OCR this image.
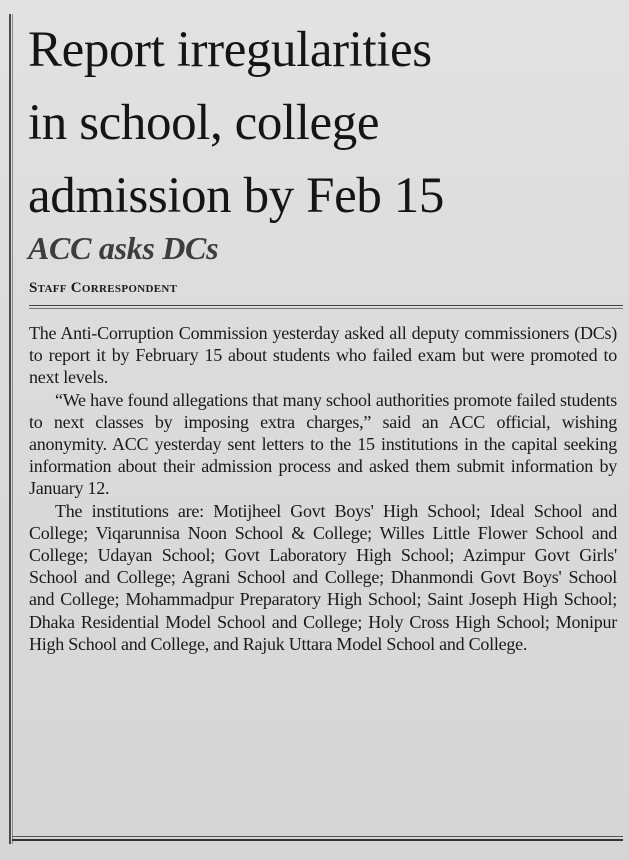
Report irregularities
in school, college
admission by Feb 15
ACC asks DCs
Staff Correspondent

The Anti-Corruption Commission yesterday asked all deputy commissioners (DCs) to report it by February 15 about students who failed exam but were promoted to next levels.

“We have found allegations that many school authorities promote failed students to next classes by imposing extra charges,” said an ACC official, wishing anonymity. ACC yesterday sent letters to the 15 institutions in the capital seeking information about their admission process and asked them submit information by January 12.

The institutions are: Motijheel Govt Boys' High School; Ideal School and College; Viqarunnisa Noon School & College; Willes Little Flower School and College; Udayan School; Govt Laboratory High School; Azimpur Govt Girls' School and College; Agrani School and College; Dhanmondi Govt Boys' School and College; Mohammadpur Preparatory High School; Saint Joseph High School; Dhaka Residential Model School and College; Holy Cross High School; Monipur High School and College, and Rajuk Uttara Model School and College.
